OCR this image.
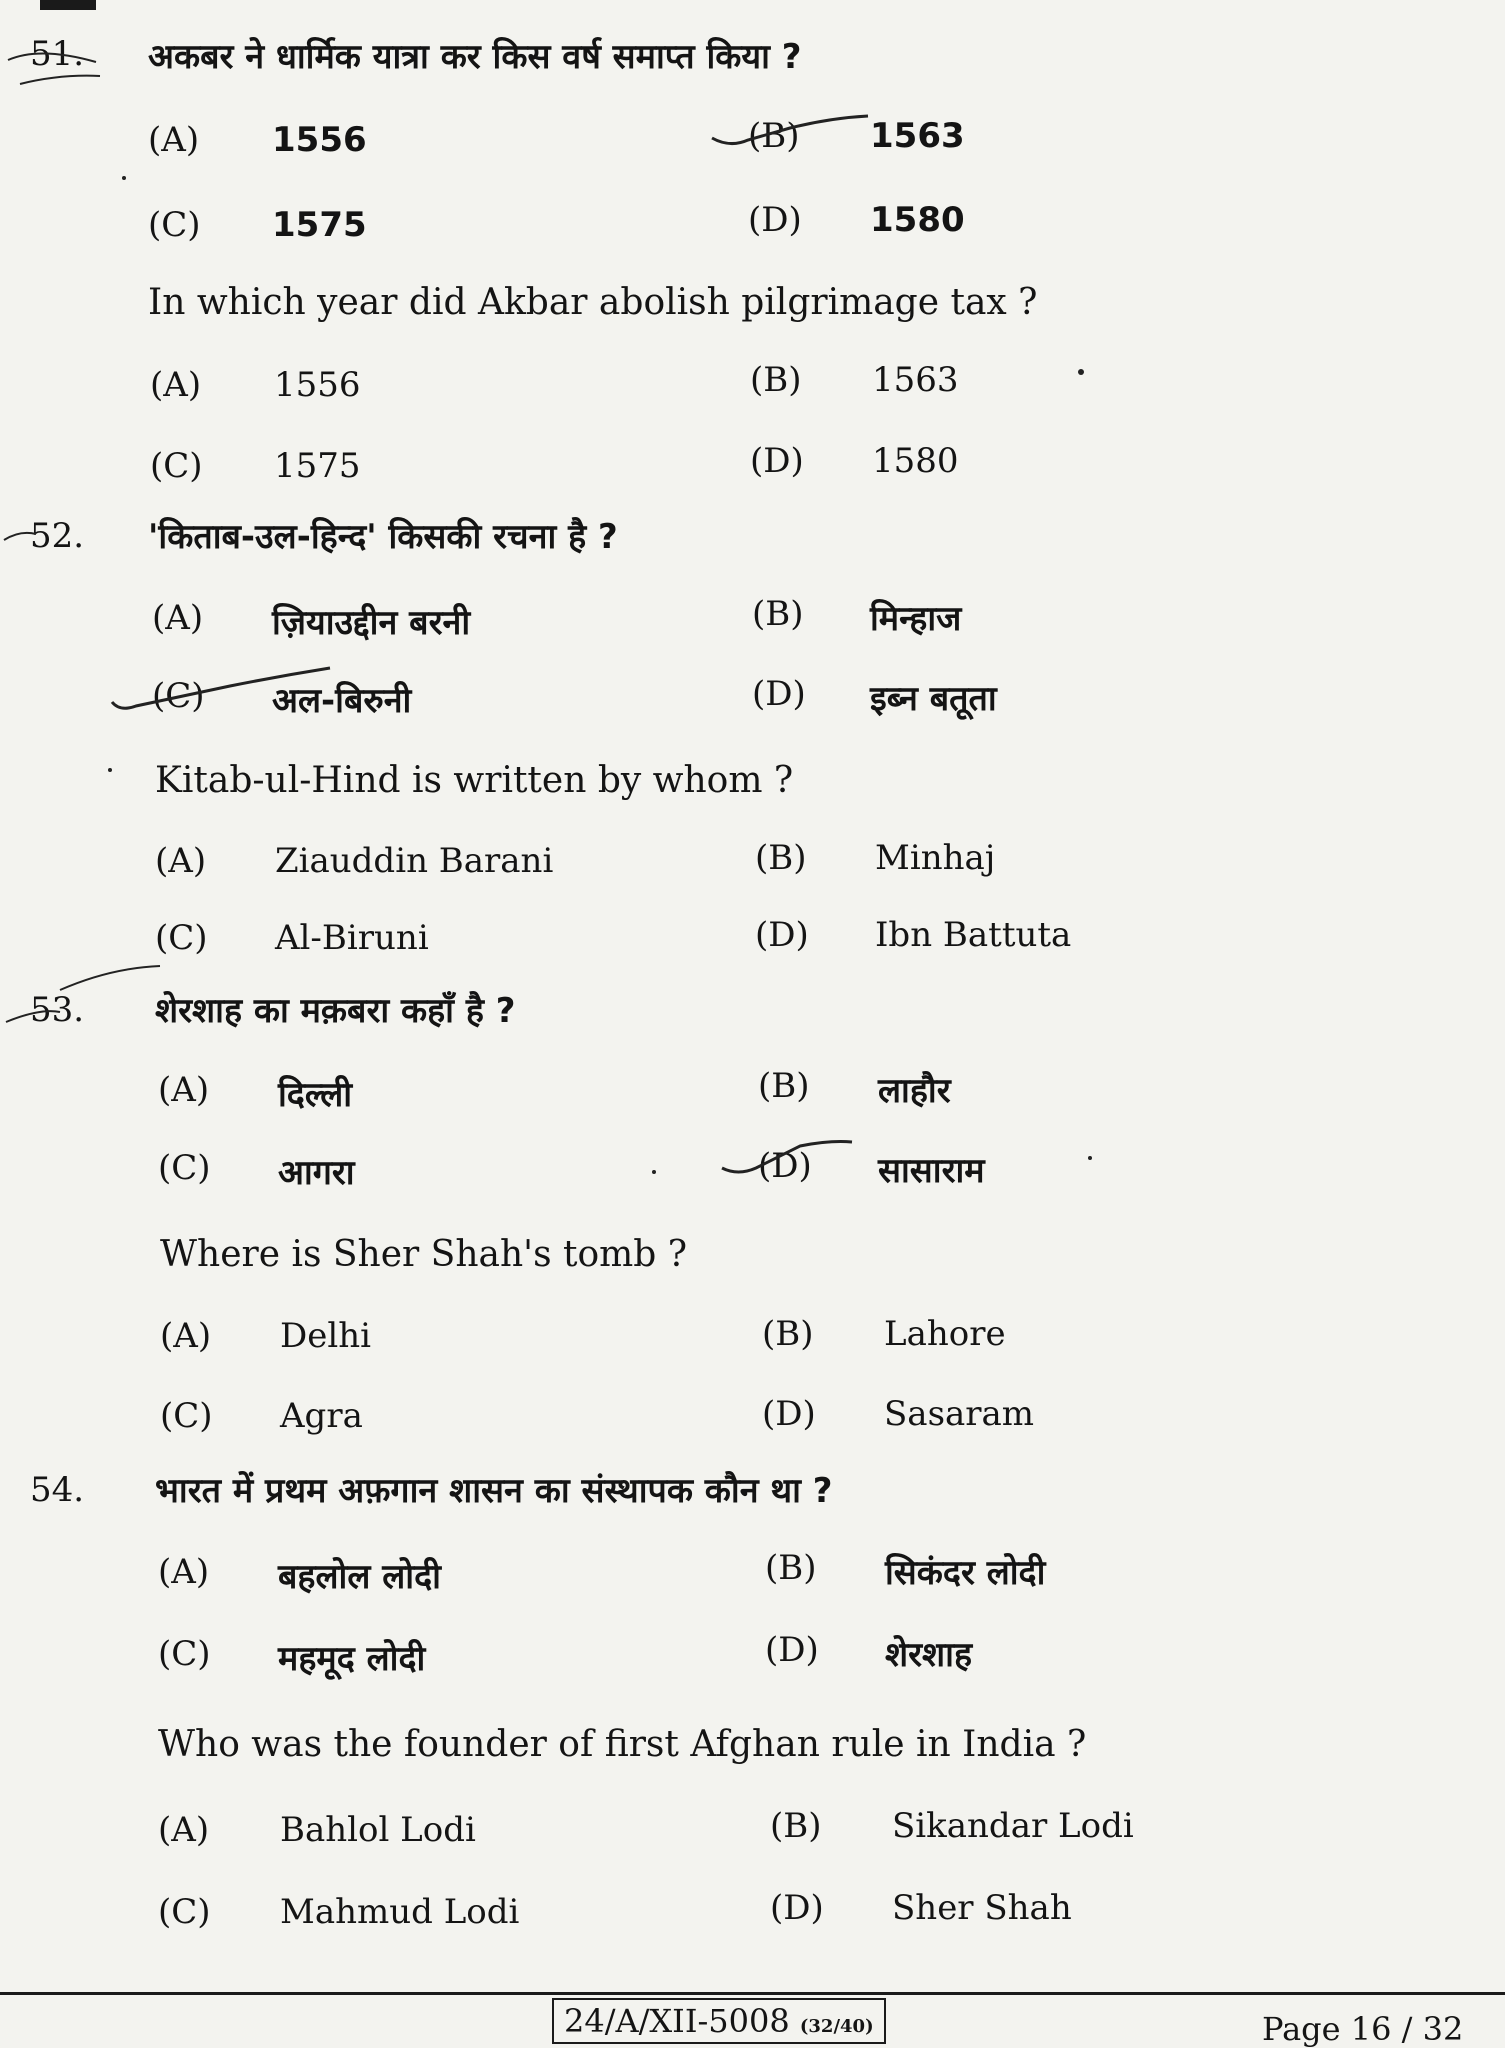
51. अकबर ने धार्मिक यात्रा कर किस वर्ष समाप्त किया ?
(A) 1556	(B) 1563
(C) 1575	(D) 1580
In which year did Akbar abolish pilgrimage tax ?
(A) 1556	(B) 1563
(C) 1575	(D) 1580
52. 'किताब-उल-हिन्द' किसकी रचना है ?
(A) ज़ियाउद्दीन बरनी	(B) मिन्हाज
(C) अल-बिरुनी	(D) इब्न बतूता
Kitab-ul-Hind is written by whom ?
(A) Ziauddin Barani	(B) Minhaj
(C) Al-Biruni	(D) Ibn Battuta
53. शेरशाह का मक़बरा कहाँ है ?
(A) दिल्ली	(B) लाहौर
(C) आगरा	(D) सासाराम
Where is Sher Shah's tomb ?
(A) Delhi	(B) Lahore
(C) Agra	(D) Sasaram
54. भारत में प्रथम अफ़गान शासन का संस्थापक कौन था ?
(A) बहलोल लोदी	(B) सिकंदर लोदी
(C) महमूद लोदी	(D) शेरशाह
Who was the founder of first Afghan rule in India ?
(A) Bahlol Lodi	(B) Sikandar Lodi
(C) Mahmud Lodi	(D) Sher Shah
24/A/XII-5008 (32/40)	Page 16 / 32
